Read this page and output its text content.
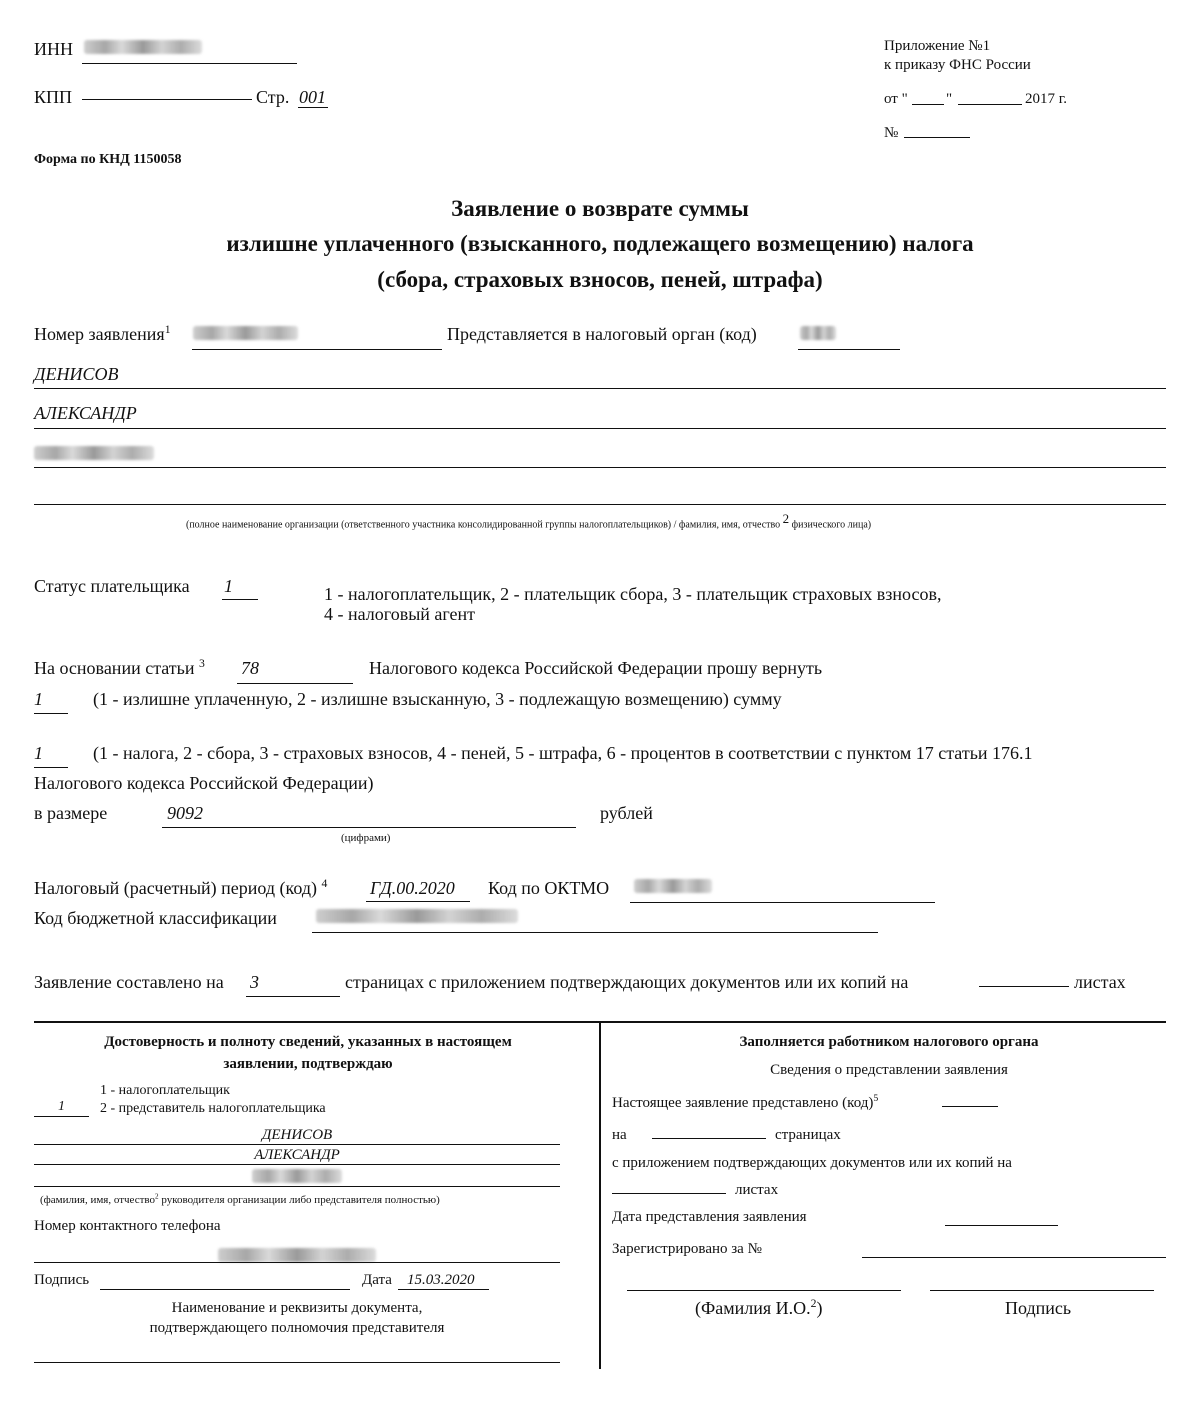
ИНН
КПП	Стр. 001
Форма по КНД 1150058
Приложение №1
к приказу ФНС России
от "	"	2017 г.
№
Заявление о возврате суммы
излишне уплаченного (взысканного, подлежащего возмещению) налога
(сбора, страховых взносов, пеней, штрафа)
Номер заявления$^1$	Представляется в налоговый орган (код)
ДЕНИСОВ
АЛЕКСАНДР
(полное наименование организации (ответственного участника консолидированной группы налогоплательщиков) / фамилия, имя, отчество $^2$ физического лица)
Статус плательщика 1	1 - налогоплательщик, 2 - плательщик сбора, 3 - плательщик страховых взносов,
4 - налоговый агент
На основании статьи $^3$ 78	Налогового кодекса Российской Федерации прошу вернуть
1	(1 - излишне уплаченную, 2 - излишне взысканную, 3 - подлежащую возмещению) сумму
1	(1 - налога, 2 - сбора, 3 - страховых взносов, 4 - пеней, 5 - штрафа, 6 - процентов в соответствии с пунктом 17 статьи 176.1
Налогового кодекса Российской Федерации)
в размере	9092	рублей
(цифрами)
Налоговый (расчетный) период (код) $^4$ ГД.00.2020 Код по ОКТМО
Код бюджетной классификации
Заявление составлено на 3	страницах с приложением подтверждающих документов или их копий на	листах
Достоверность и полноту сведений, указанных в настоящем
заявлении, подтверждаю
1
1 - налогоплательщик
2 - представитель налогоплательщика
ДЕНИСОВ
АЛЕКСАНДР
(фамилия, имя, отчество$^2$ руководителя организации либо представителя полностью)
Номер контактного телефона
Подпись	Дата 15.03.2020
Наименование и реквизиты документа,
подтверждающего полномочия представителя
Заполняется работником налогового органа
Сведения о представлении заявления
Настоящее заявление представлено (код)$^5$
на	страницах
с приложением подтверждающих документов или их копий на
листах
Дата представления заявления
Зарегистрировано за №
(Фамилия И.О.$^2$)	Подпись
